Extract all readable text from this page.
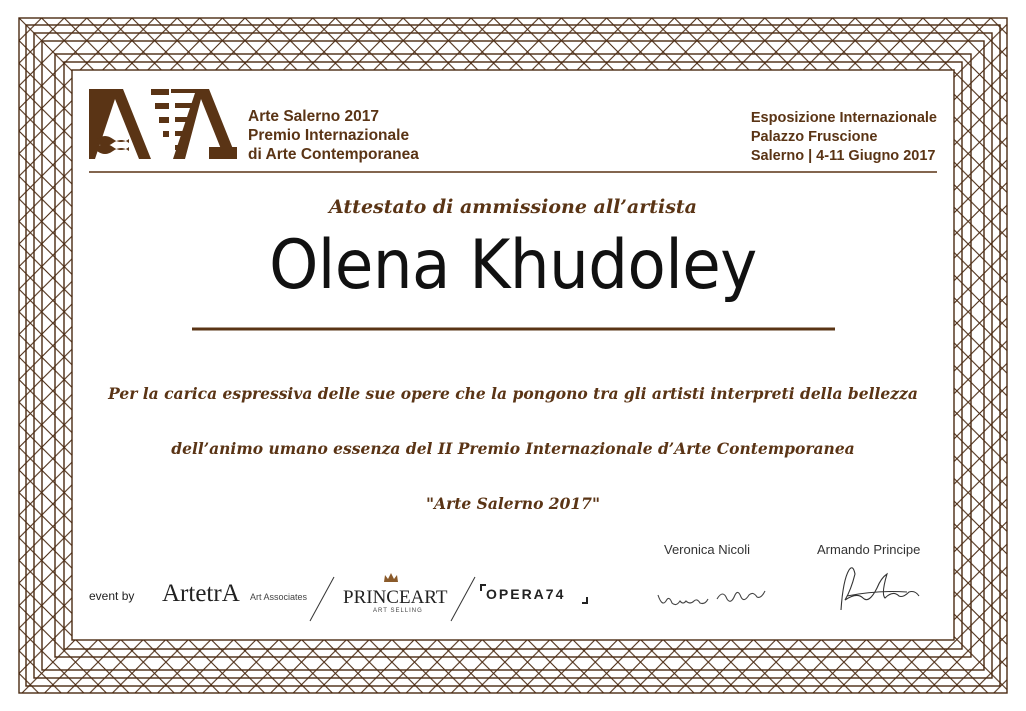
Arte Salerno 2017
Premio Internazionale
di Arte Contemporanea
Esposizione Internazionale
Palazzo Fruscione
Salerno | 4-11 Giugno 2017
Attestato di ammissione all’artista
Olena Khudoley
Per la carica espressiva delle sue opere che la pongono tra gli artisti interpreti della bellezza
dell’animo umano essenza del II Premio Internazionale d’Arte Contemporanea
"Arte Salerno 2017"
event by ArtetrA Art Associates PRINCEART
ART SELLING
OPERA74
Veronica Nicoli	Armando Principe
